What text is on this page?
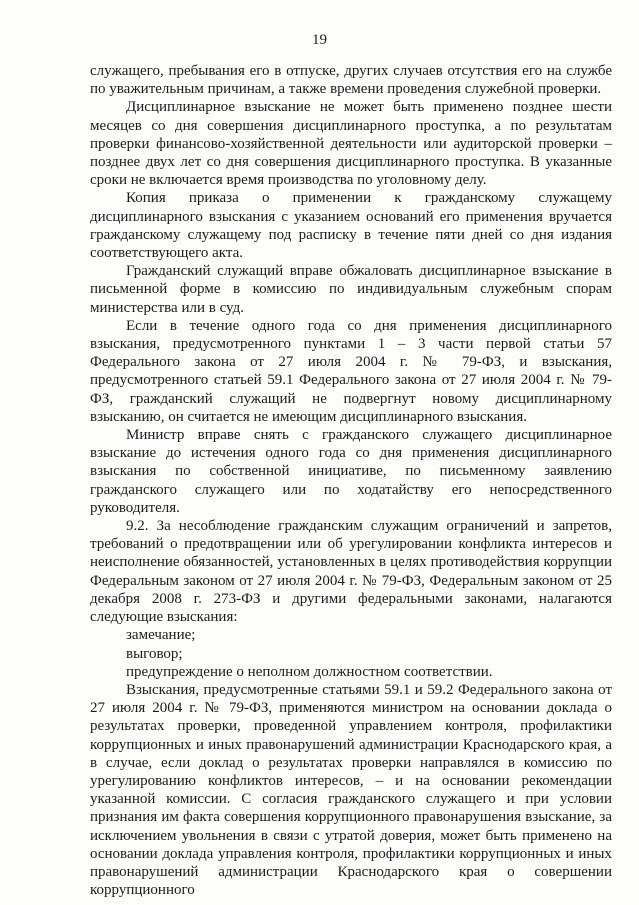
19

служащего, пребывания его в отпуске, других случаев отсутствия его на службе по уважительным причинам, а также времени проведения служебной проверки.

Дисциплинарное взыскание не может быть применено позднее шести месяцев со дня совершения дисциплинарного проступка, а по результатам проверки финансово-хозяйственной деятельности или аудиторской проверки – позднее двух лет со дня совершения дисциплинарного проступка. В указанные сроки не включается время производства по уголовному делу.

Копия приказа о применении к гражданскому служащему дисциплинарного взыскания с указанием оснований его применения вручается гражданскому служащему под расписку в течение пяти дней со дня издания соответствующего акта.

Гражданский служащий вправе обжаловать дисциплинарное взыскание в письменной форме в комиссию по индивидуальным служебным спорам министерства или в суд.

Если в течение одного года со дня применения дисциплинарного взыскания, предусмотренного пунктами 1 – 3 части первой статьи 57 Федерального закона от 27 июля 2004 г. № 79-ФЗ, и взыскания, предусмотренного статьей 59.1 Федерального закона от 27 июля 2004 г. № 79-ФЗ, гражданский служащий не подвергнут новому дисциплинарному взысканию, он считается не имеющим дисциплинарного взыскания.

Министр вправе снять с гражданского служащего дисциплинарное взыскание до истечения одного года со дня применения дисциплинарного взыскания по собственной инициативе, по письменному заявлению гражданского служащего или по ходатайству его непосредственного руководителя.

9.2. За несоблюдение гражданским служащим ограничений и запретов, требований о предотвращении или об урегулировании конфликта интересов и неисполнение обязанностей, установленных в целях противодействия коррупции Федеральным законом от 27 июля 2004 г. № 79-ФЗ, Федеральным законом от 25 декабря 2008 г. 273-ФЗ и другими федеральными законами, налагаются следующие взыскания:

замечание;

выговор;

предупреждение о неполном должностном соответствии.

Взыскания, предусмотренные статьями 59.1 и 59.2 Федерального закона от 27 июля 2004 г. № 79-ФЗ, применяются министром на основании доклада о результатах проверки, проведенной управлением контроля, профилактики коррупционных и иных правонарушений администрации Краснодарского края, а в случае, если доклад о результатах проверки направлялся в комиссию по урегулированию конфликтов интересов, – и на основании рекомендации указанной комиссии. С согласия гражданского служащего и при условии признания им факта совершения коррупционного правонарушения взыскание, за исключением увольнения в связи с утратой доверия, может быть применено на основании доклада управления контроля, профилактики коррупционных и иных правонарушений администрации Краснодарского края о совершении коррупционного
